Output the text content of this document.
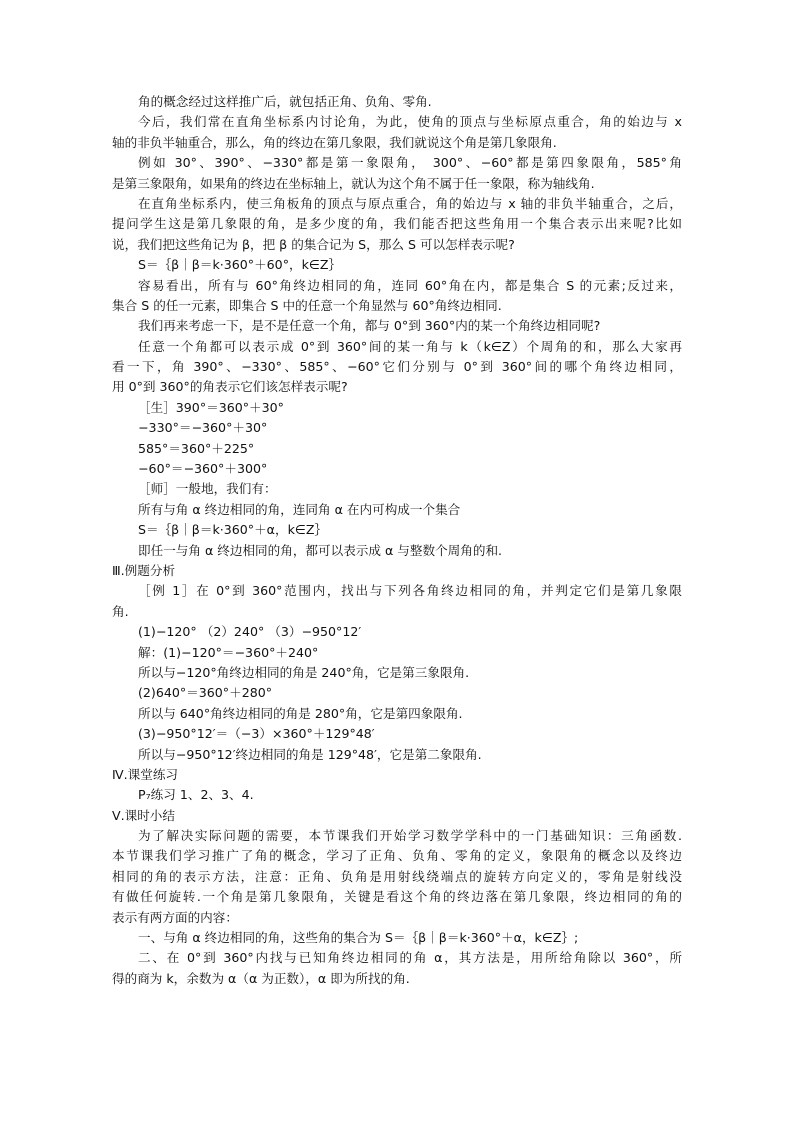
角的概念经过这样推广后，就包括正角、负角、零角.
今后，我们常在直角坐标系内讨论角，为此，使角的顶点与坐标原点重合，角的始边与 x
轴的非负半轴重合，那么，角的终边在第几象限，我们就说这个角是第几象限角.
例如 30°、390°、−330°都是第一象限角， 300°、−60°都是第四象限角，585°角
是第三象限角，如果角的终边在坐标轴上，就认为这个角不属于任一象限，称为轴线角.
在直角坐标系内，使三角板角的顶点与原点重合，角的始边与 x 轴的非负半轴重合，之后，
提问学生这是第几象限的角，是多少度的角，我们能否把这些角用一个集合表示出来呢?比如
说，我们把这些角记为 β，把 β 的集合记为 S，那么 S 可以怎样表示呢?
S＝｛β｜β＝k·360°＋60°，k∈Z｝
容易看出，所有与 60°角终边相同的角，连同 60°角在内，都是集合 S 的元素;反过来，
集合 S 的任一元素，即集合 S 中的任意一个角显然与 60°角终边相同.
我们再来考虑一下，是不是任意一个角，都与 0°到 360°内的某一个角终边相同呢?
任意一个角都可以表示成 0°到 360°间的某一角与 k（k∈Z）个周角的和，那么大家再
看一下，角 390°、−330°、585°、−60°它们分别与 0°到 360°间的哪个角终边相同，
用 0°到 360°的角表示它们该怎样表示呢?
［生］390°＝360°＋30°
−330°＝−360°＋30°
585°＝360°＋225°
−60°＝−360°＋300°
［师］一般地，我们有：
所有与角 α 终边相同的角，连同角 α 在内可构成一个集合
S＝｛β｜β＝k·360°＋α，k∈Z｝
即任一与角 α 终边相同的角，都可以表示成 α 与整数个周角的和.
Ⅲ.例题分析
［例 1］在 0°到 360°范围内，找出与下列各角终边相同的角，并判定它们是第几象限
角.
(1)−120° （2）240° （3）−950°12′
解：(1)−120°＝−360°＋240°
所以与−120°角终边相同的角是 240°角，它是第三象限角.
(2)640°＝360°＋280°
所以与 640°角终边相同的角是 280°角，它是第四象限角.
(3)−950°12′＝（−3）×360°＋129°48′
所以与−950°12′终边相同的角是 129°48′，它是第二象限角.
Ⅳ.课堂练习
P₇练习 1、2、3、4.
Ⅴ.课时小结
为了解决实际问题的需要，本节课我们开始学习数学学科中的一门基础知识：三角函数.
本节课我们学习推广了角的概念，学习了正角、负角、零角的定义，象限角的概念以及终边
相同的角的表示方法，注意：正角、负角是用射线绕端点的旋转方向定义的，零角是射线没
有做任何旋转.一个角是第几象限角，关键是看这个角的终边落在第几象限，终边相同的角的
表示有两方面的内容：
一、与角 α 终边相同的角，这些角的集合为 S＝｛β｜β＝k·360°＋α，k∈Z｝;
二、在 0°到 360°内找与已知角终边相同的角 α，其方法是，用所给角除以 360°，所
得的商为 k，余数为 α（α 为正数），α 即为所找的角.
